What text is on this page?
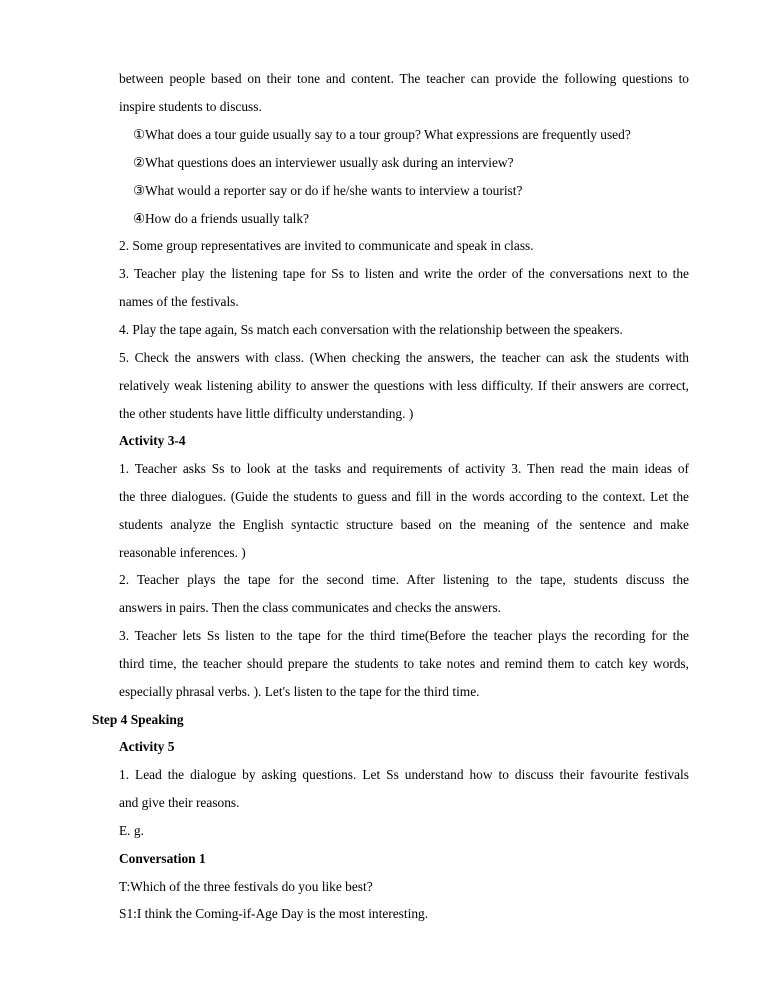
between people based on their tone and content. The teacher can provide the following questions to
inspire students to discuss.
①What does a tour guide usually say to a tour group? What expressions are frequently used?
②What questions does an interviewer usually ask during an interview?
③What would a reporter say or do if he/she wants to interview a tourist?
④How do a friends usually talk?
2. Some group representatives are invited to communicate and speak in class.
3. Teacher play the listening tape for Ss to listen and write the order of the conversations next to the
names of the festivals.
4. Play the tape again, Ss match each conversation with the relationship between the speakers.
5. Check the answers with class. (When checking the answers, the teacher can ask the students with
relatively weak listening ability to answer the questions with less difficulty. If their answers are correct,
the other students have little difficulty understanding. )
Activity 3-4
1. Teacher asks Ss to look at the tasks and requirements of activity 3. Then read the main ideas of
the three dialogues. (Guide the students to guess and fill in the words according to the context. Let the
students analyze the English syntactic structure based on the meaning of the sentence and make
reasonable inferences. )
2. Teacher plays the tape for the second time. After listening to the tape, students discuss the
answers in pairs. Then the class communicates and checks the answers.
3. Teacher lets Ss listen to the tape for the third time(Before the teacher plays the recording for the
third time, the teacher should prepare the students to take notes and remind them to catch key words,
especially phrasal verbs. ). Let's listen to the tape for the third time.
Step 4 Speaking
Activity 5
1. Lead the dialogue by asking questions. Let Ss understand how to discuss their favourite festivals
and give their reasons.
E. g.
Conversation 1
T:Which of the three festivals do you like best?
S1:I think the Coming-if-Age Day is the most interesting.
